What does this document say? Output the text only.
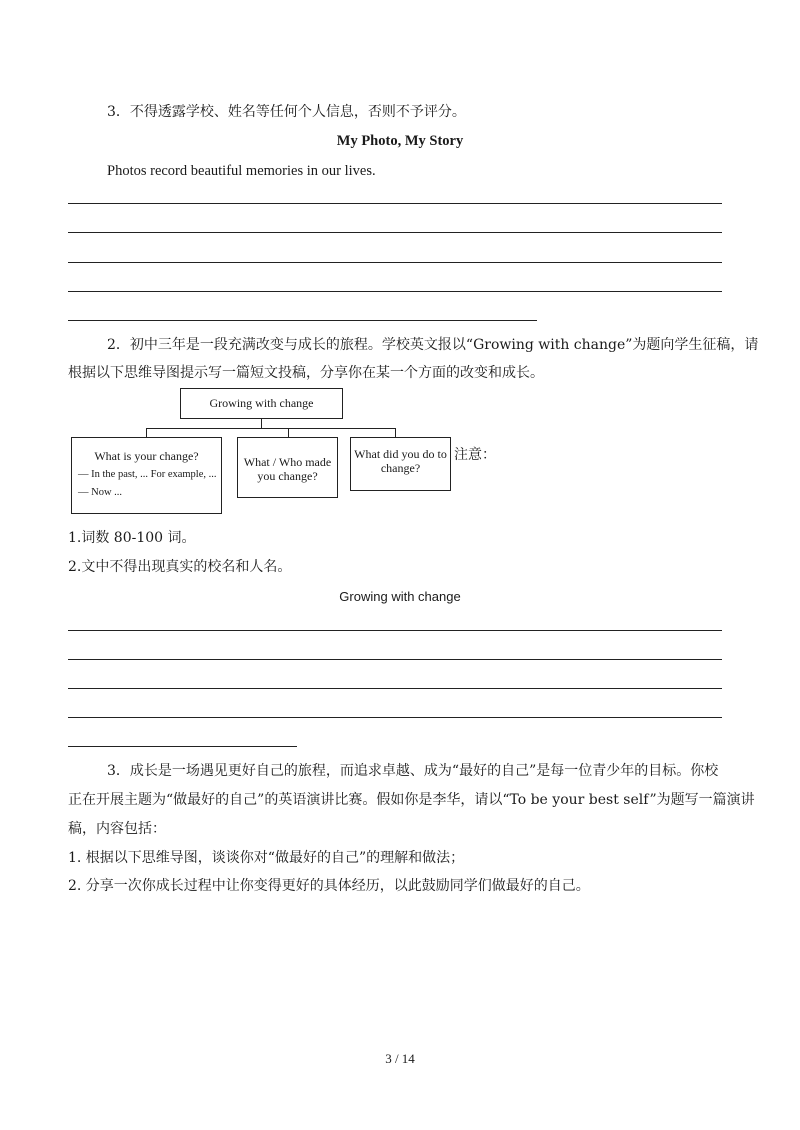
3．不得透露学校、姓名等任何个人信息，否则不予评分。
My Photo, My Story
Photos record beautiful memories in our lives.
2．初中三年是一段充满改变与成长的旅程。学校英文报以“Growing with change”为题向学生征稿，请
根据以下思维导图提示写一篇短文投稿，分享你在某一个方面的改变和成长。
Growing with change
What is your change?
— In the past, ... For example, ...
— Now ...
What / Who made
you change?
What did you do to
change?
注意：
1.词数 80-100 词。
2.文中不得出现真实的校名和人名。
Growing with change
3．成长是一场遇见更好自己的旅程，而追求卓越、成为“最好的自己”是每一位青少年的目标。你校
正在开展主题为“做最好的自己”的英语演讲比赛。假如你是李华，请以“To be your best self”为题写一篇演讲
稿，内容包括：
1. 根据以下思维导图，谈谈你对“做最好的自己”的理解和做法；
2. 分享一次你成长过程中让你变得更好的具体经历，以此鼓励同学们做最好的自己。
3 / 14
